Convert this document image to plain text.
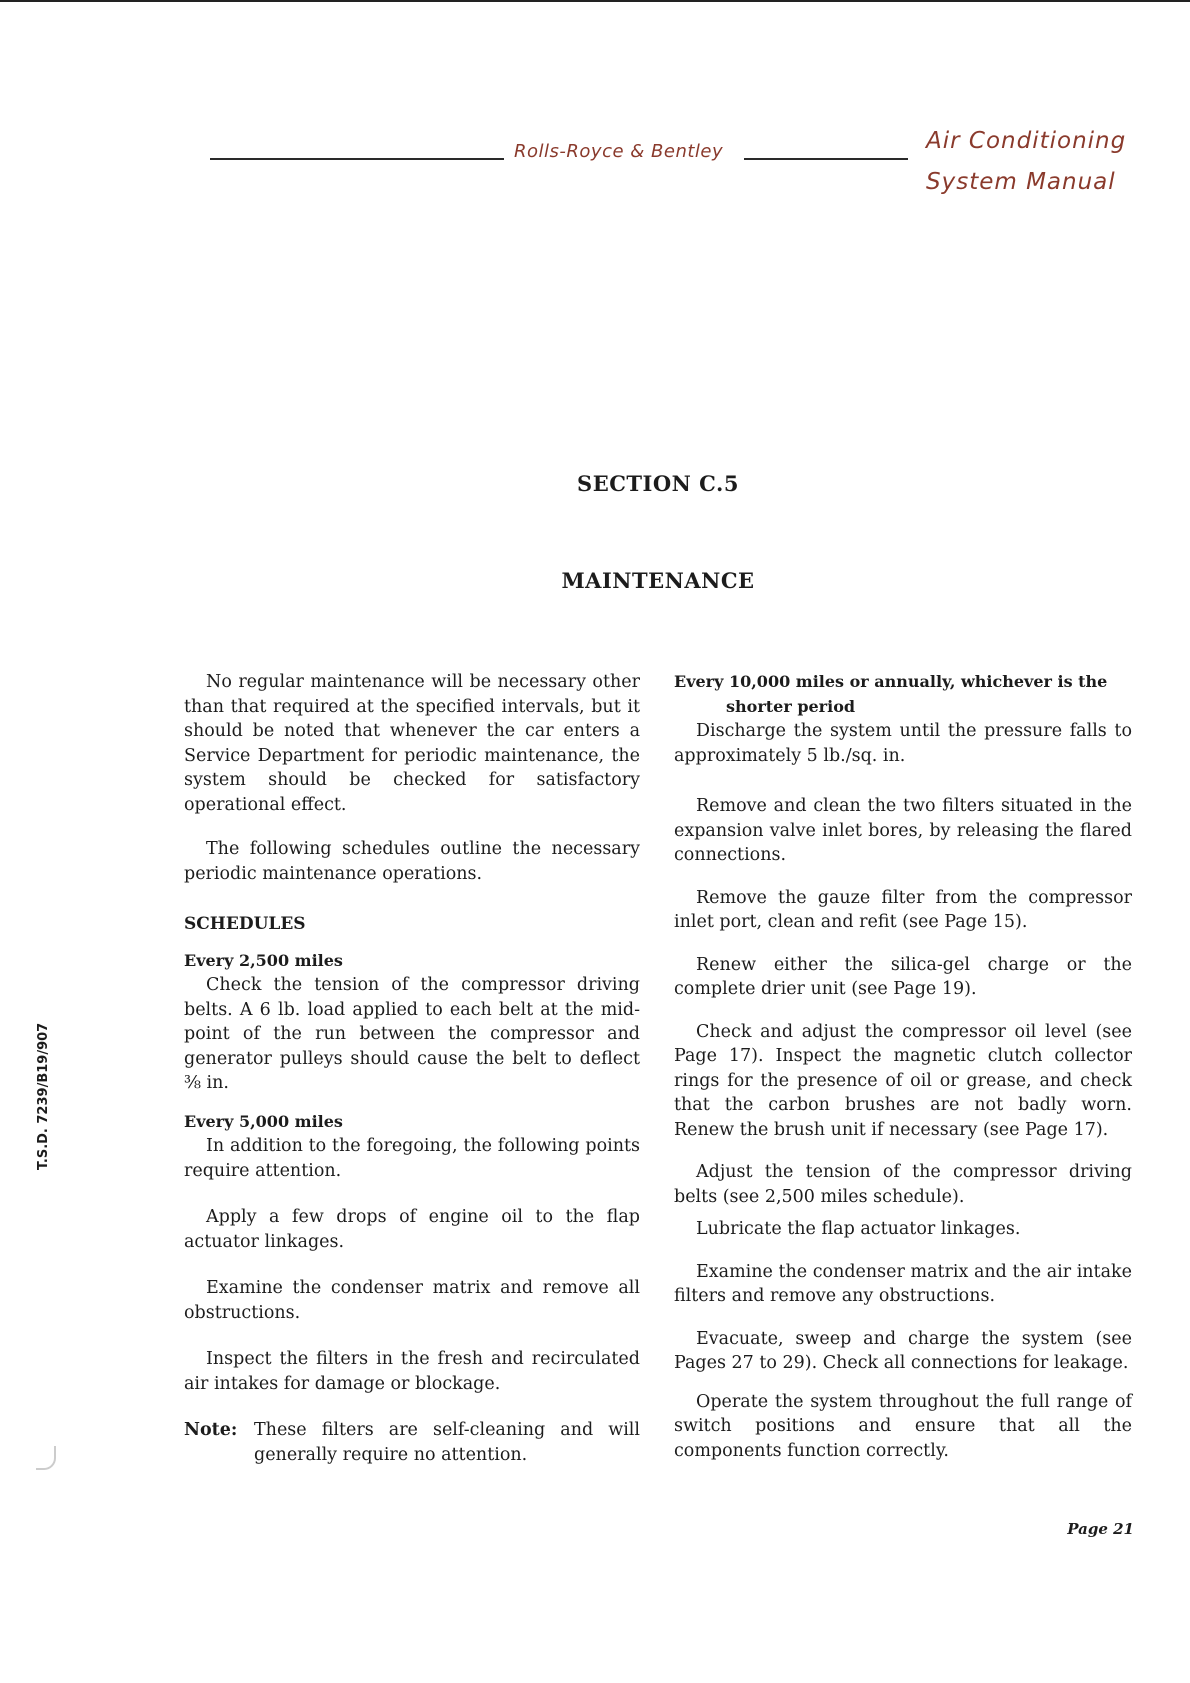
Rolls-Royce & Bentley	Air Conditioning
System Manual
SECTION C.5
MAINTENANCE

No regular maintenance will be necessary other than that required at the specified intervals, but it should be noted that whenever the car enters a Service Department for periodic maintenance, the system should be checked for satisfactory operational effect.

The following schedules outline the necessary periodic maintenance operations.

SCHEDULES

Every 2,500 miles

Check the tension of the compressor driving belts. A 6 lb. load applied to each belt at the mid-point of the run between the compressor and generator pulleys should cause the belt to deflect ⅜ in.

Every 5,000 miles

In addition to the foregoing, the following points require attention.

Apply a few drops of engine oil to the flap actuator linkages.

Examine the condenser matrix and remove all obstructions.

Inspect the filters in the fresh and recirculated air intakes for damage or blockage.

Note: These filters are self-cleaning and will generally require no attention.

Every 10,000 miles or annually, whichever is the

shorter period

Discharge the system until the pressure falls to approximately 5 lb./sq. in.

Remove and clean the two filters situated in the expansion valve inlet bores, by releasing the flared connections.

Remove the gauze filter from the compressor inlet port, clean and refit (see Page 15).

Renew either the silica-gel charge or the complete drier unit (see Page 19).

Check and adjust the compressor oil level (see Page 17). Inspect the magnetic clutch collector rings for the presence of oil or grease, and check that the carbon brushes are not badly worn. Renew the brush unit if necessary (see Page 17).

Adjust the tension of the compressor driving belts (see 2,500 miles schedule).

Lubricate the flap actuator linkages.

Examine the condenser matrix and the air intake filters and remove any obstructions.

Evacuate, sweep and charge the system (see Pages 27 to 29). Check all connections for leakage.

Operate the system throughout the full range of switch positions and ensure that all the components function correctly.

T.S.D. 7239/B19/907
Page 21
